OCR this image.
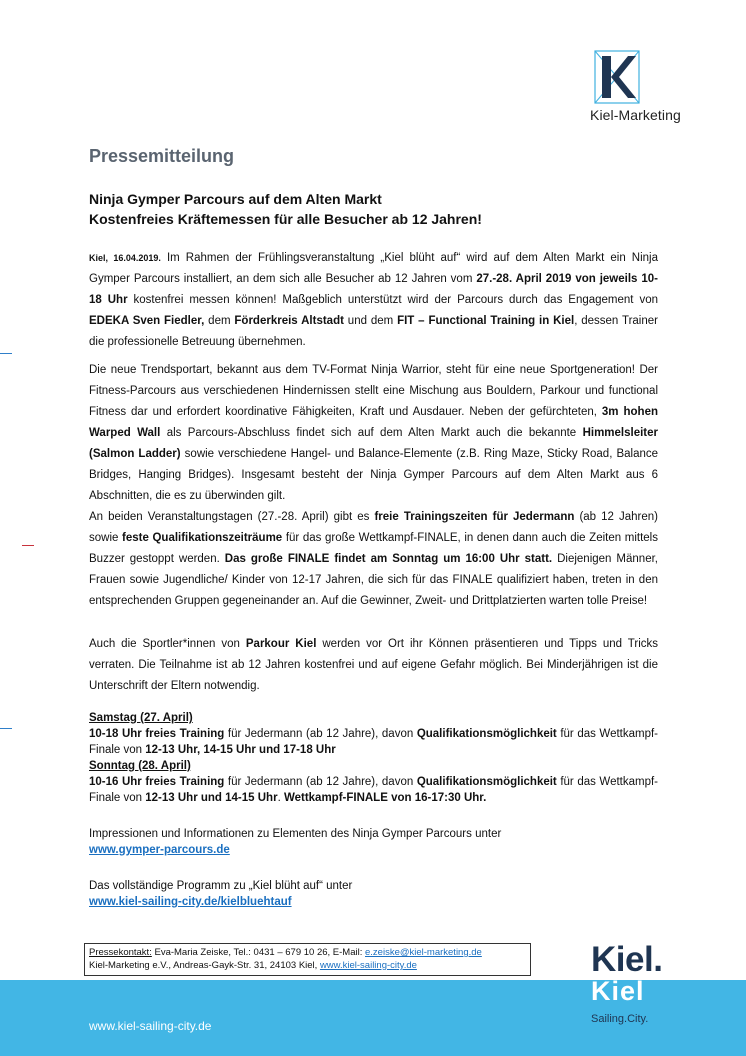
Kiel-Marketing
Pressemitteilung
Ninja Gymper Parcours auf dem Alten Markt
Kostenfreies Kräftemessen für alle Besucher ab 12 Jahren!
Kiel, 16.04.2019. Im Rahmen der Frühlingsveranstaltung „Kiel blüht auf“ wird auf dem Alten Markt ein Ninja Gymper Parcours installiert, an dem sich alle Besucher ab 12 Jahren vom 27.-28. April 2019 von jeweils 10-18 Uhr kostenfrei messen können! Maßgeblich unterstützt wird der Parcours durch das Engagement von EDEKA Sven Fiedler, dem Förderkreis Altstadt und dem FIT – Functional Training in Kiel, dessen Trainer die professionelle Betreuung übernehmen.
Die neue Trendsportart, bekannt aus dem TV-Format Ninja Warrior, steht für eine neue Sportgeneration! Der Fitness-Parcours aus verschiedenen Hindernissen stellt eine Mischung aus Bouldern, Parkour und functional Fitness dar und erfordert koordinative Fähigkeiten, Kraft und Ausdauer. Neben der gefürchteten, 3m hohen Warped Wall als Parcours-Abschluss findet sich auf dem Alten Markt auch die bekannte Himmelsleiter (Salmon Ladder) sowie verschiedene Hangel- und Balance-Elemente (z.B. Ring Maze, Sticky Road, Balance Bridges, Hanging Bridges). Insgesamt besteht der Ninja Gymper Parcours auf dem Alten Markt aus 6 Abschnitten, die es zu überwinden gilt.
An beiden Veranstaltungstagen (27.-28. April) gibt es freie Trainingszeiten für Jedermann (ab 12 Jahren) sowie feste Qualifikationszeiträume für das große Wettkampf-FINALE, in denen dann auch die Zeiten mittels Buzzer gestoppt werden. Das große FINALE findet am Sonntag um 16:00 Uhr statt. Diejenigen Männer, Frauen sowie Jugendliche/ Kinder von 12-17 Jahren, die sich für das FINALE qualifiziert haben, treten in den entsprechenden Gruppen gegeneinander an. Auf die Gewinner, Zweit- und Drittplatzierten warten tolle Preise!
Auch die Sportler*innen von Parkour Kiel werden vor Ort ihr Können präsentieren und Tipps und Tricks verraten. Die Teilnahme ist ab 12 Jahren kostenfrei und auf eigene Gefahr möglich. Bei Minderjährigen ist die Unterschrift der Eltern notwendig.
Samstag (27. April)
10-18 Uhr freies Training für Jedermann (ab 12 Jahre), davon Qualifikationsmöglichkeit für das Wettkampf-Finale von 12-13 Uhr, 14-15 Uhr und 17-18 Uhr
Sonntag (28. April)
10-16 Uhr freies Training für Jedermann (ab 12 Jahre), davon Qualifikationsmöglichkeit für das Wettkampf-Finale von 12-13 Uhr und 14-15 Uhr. Wettkampf-FINALE von 16-17:30 Uhr.
Impressionen und Informationen zu Elementen des Ninja Gymper Parcours unter
www.gymper-parcours.de
Das vollständige Programm zu „Kiel blüht auf“ unter
www.kiel-sailing-city.de/kielbluehtauf
Pressekontakt: Eva-Maria Zeiske, Tel.: 0431 – 679 10 26, E-Mail: e.zeiske@kiel-marketing.de
Kiel-Marketing e.V., Andreas-Gayk-Str. 31, 24103 Kiel, www.kiel-sailing-city.de
www.kiel-sailing-city.de
Kiel.
Kiel
Sailing.City.
